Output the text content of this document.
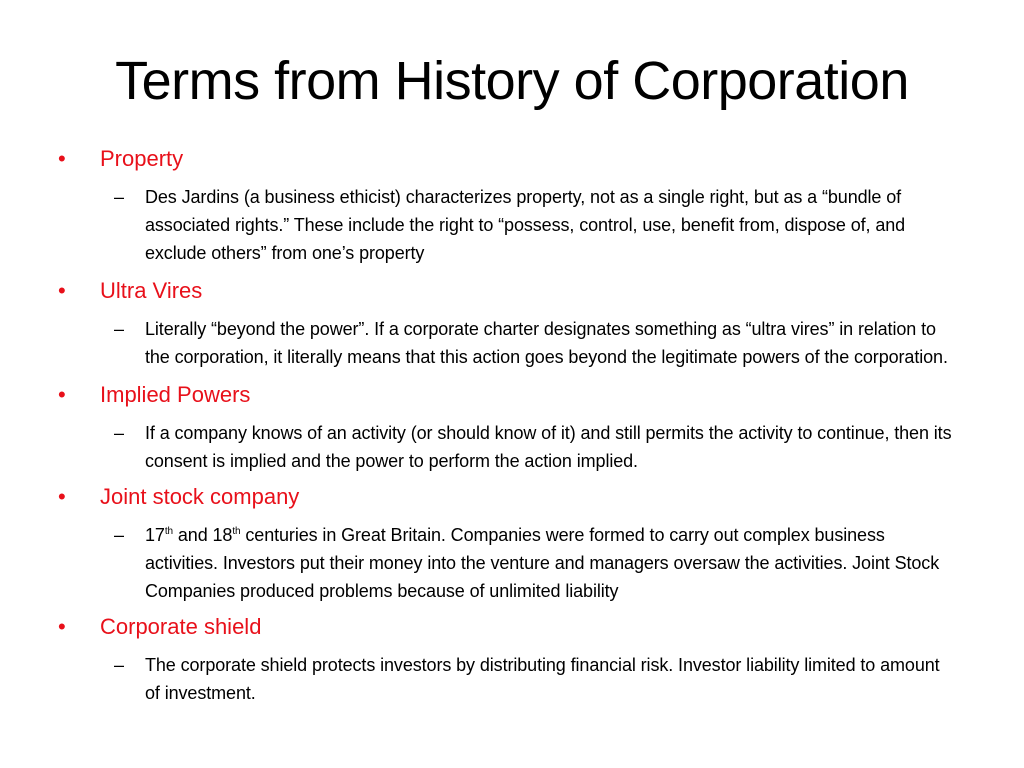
Terms from History of Corporation
• Property
– Des Jardins (a business ethicist) characterizes property, not as a single right, but as a “bundle of associated rights.” These include the right to “possess, control, use, benefit from, dispose of, and exclude others” from one’s property
• Ultra Vires
– Literally “beyond the power”. If a corporate charter designates something as “ultra vires” in relation to the corporation, it literally means that this action goes beyond the legitimate powers of the corporation.
• Implied Powers
– If a company knows of an activity (or should know of it) and still permits the activity to continue, then its consent is implied and the power to perform the action implied.
• Joint stock company
– 17th and 18th centuries in Great Britain. Companies were formed to carry out complex business activities. Investors put their money into the venture and managers oversaw the activities. Joint Stock Companies produced problems because of unlimited liability
• Corporate shield
– The corporate shield protects investors by distributing financial risk. Investor liability limited to amount of investment.
